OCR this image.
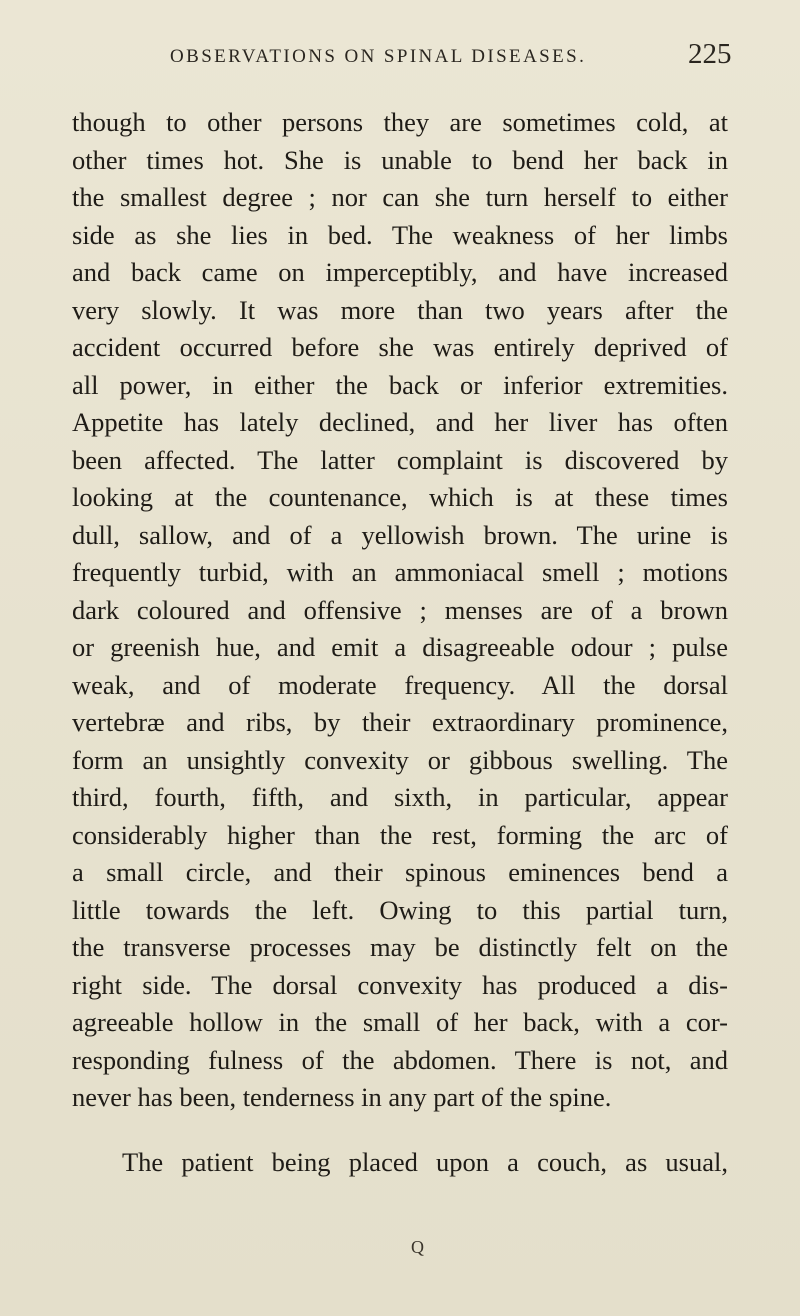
OBSERVATIONS ON SPINAL DISEASES.	225
though to other persons they are sometimes cold, at
other times hot. She is unable to bend her back in
the smallest degree ; nor can she turn herself to either
side as she lies in bed. The weakness of her limbs
and back came on imperceptibly, and have increased
very slowly. It was more than two years after the
accident occurred before she was entirely deprived of
all power, in either the back or inferior extremities.
Appetite has lately declined, and her liver has often
been affected. The latter complaint is discovered by
looking at the countenance, which is at these times
dull, sallow, and of a yellowish brown. The urine is
frequently turbid, with an ammoniacal smell ; motions
dark coloured and offensive ; menses are of a brown
or greenish hue, and emit a disagreeable odour ; pulse
weak, and of moderate frequency. All the dorsal
vertebræ and ribs, by their extraordinary prominence,
form an unsightly convexity or gibbous swelling. The
third, fourth, fifth, and sixth, in particular, appear
considerably higher than the rest, forming the arc of
a small circle, and their spinous eminences bend a
little towards the left. Owing to this partial turn,
the transverse processes may be distinctly felt on the
right side. The dorsal convexity has produced a dis-
agreeable hollow in the small of her back, with a cor-
responding fulness of the abdomen. There is not, and
never has been, tenderness in any part of the spine.
The patient being placed upon a couch, as usual,
Q
